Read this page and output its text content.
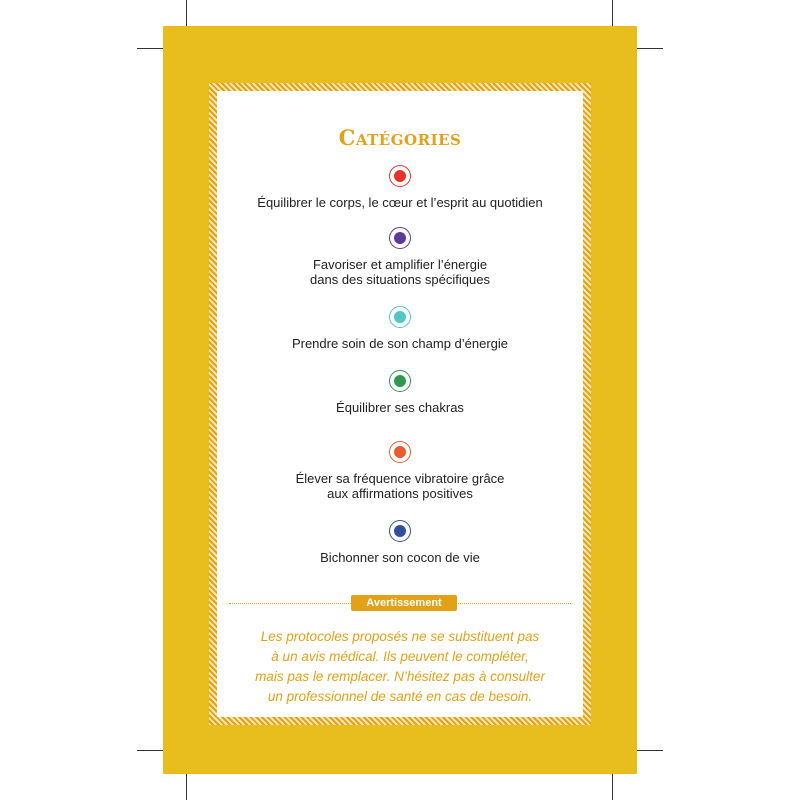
Catégories
Équilibrer le corps, le cœur et l’esprit au quotidien
Favoriser et amplifier l’énergie
dans des situations spécifiques
Prendre soin de son champ d’énergie
Équilibrer ses chakras
Élever sa fréquence vibratoire grâce
aux affirmations positives
Bichonner son cocon de vie
Avertissement
Les protocoles proposés ne se substituent pas
à un avis médical. Ils peuvent le compléter,
mais pas le remplacer. N’hésitez pas à consulter
un professionnel de santé en cas de besoin.
